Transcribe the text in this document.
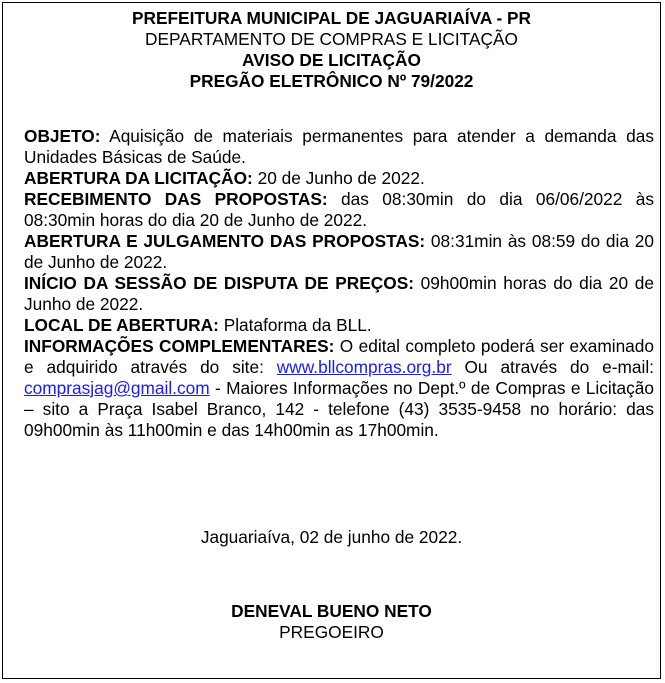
PREFEITURA MUNICIPAL DE JAGUARIAÍVA - PR
DEPARTAMENTO DE COMPRAS E LICITAÇÃO
AVISO DE LICITAÇÃO
PREGÃO ELETRÔNICO Nº 79/2022

OBJETO: Aquisição de materiais permanentes para atender a demanda das Unidades Básicas de Saúde.

ABERTURA DA LICITAÇÃO: 20 de Junho de 2022.

RECEBIMENTO DAS PROPOSTAS: das 08:30min do dia 06/06/2022 às 08:30min horas do dia 20 de Junho de 2022.

ABERTURA E JULGAMENTO DAS PROPOSTAS: 08:31min às 08:59 do dia 20 de Junho de 2022.

INÍCIO DA SESSÃO DE DISPUTA DE PREÇOS: 09h00min horas do dia 20 de Junho de 2022.

LOCAL DE ABERTURA: Plataforma da BLL.

INFORMAÇÕES COMPLEMENTARES: O edital completo poderá ser examinado e adquirido através do site: www.bllcompras.org.br Ou através do e-mail: comprasjag@gmail.com - Maiores Informações no Dept.º de Compras e Licitação – sito a Praça Isabel Branco, 142 - telefone (43) 3535-9458 no horário: das 09h00min às 11h00min e das 14h00min as 17h00min.

Jaguariaíva, 02 de junho de 2022.
DENEVAL BUENO NETO
PREGOEIRO
